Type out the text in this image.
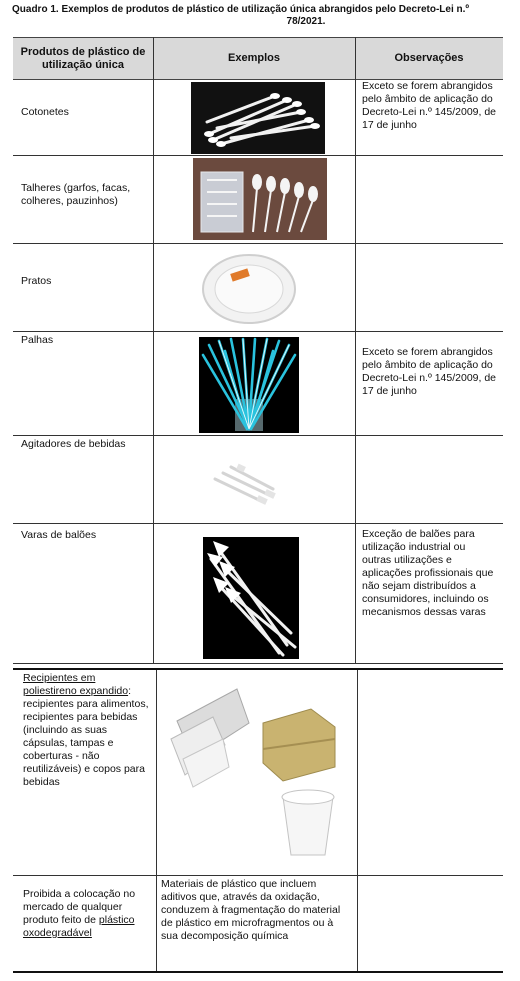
Quadro 1. Exemplos de produtos de plástico de utilização única abrangidos pelo Decreto-Lei n.º
78/2021.
Produtos de plástico de utilização única
Exemplos	Observações
Cotonetes
Exceto se forem abrangidos pelo âmbito de aplicação do Decreto-Lei n.º 145/2009, de 17 de junho
Talheres (garfos, facas, colheres, pauzinhos)
Pratos
Palhas
Exceto se forem abrangidos pelo âmbito de aplicação do Decreto-Lei n.º 145/2009, de 17 de junho
Agitadores de bebidas
Varas de balões	Exceção de balões para utilização industrial ou outras utilizações e aplicações profissionais que não sejam distribuídos a consumidores, incluindo os mecanismos dessas varas
Recipientes em poliestireno expandido: recipientes para alimentos, recipientes para bebidas (incluindo as suas cápsulas, tampas e coberturas - não reutilizáveis) e copos para bebidas
Proibida a colocação no mercado de qualquer produto feito de plástico oxodegradável
Materiais de plástico que incluem aditivos que, através da oxidação, conduzem à fragmentação do material de plástico em microfragmentos ou à sua decomposição química
